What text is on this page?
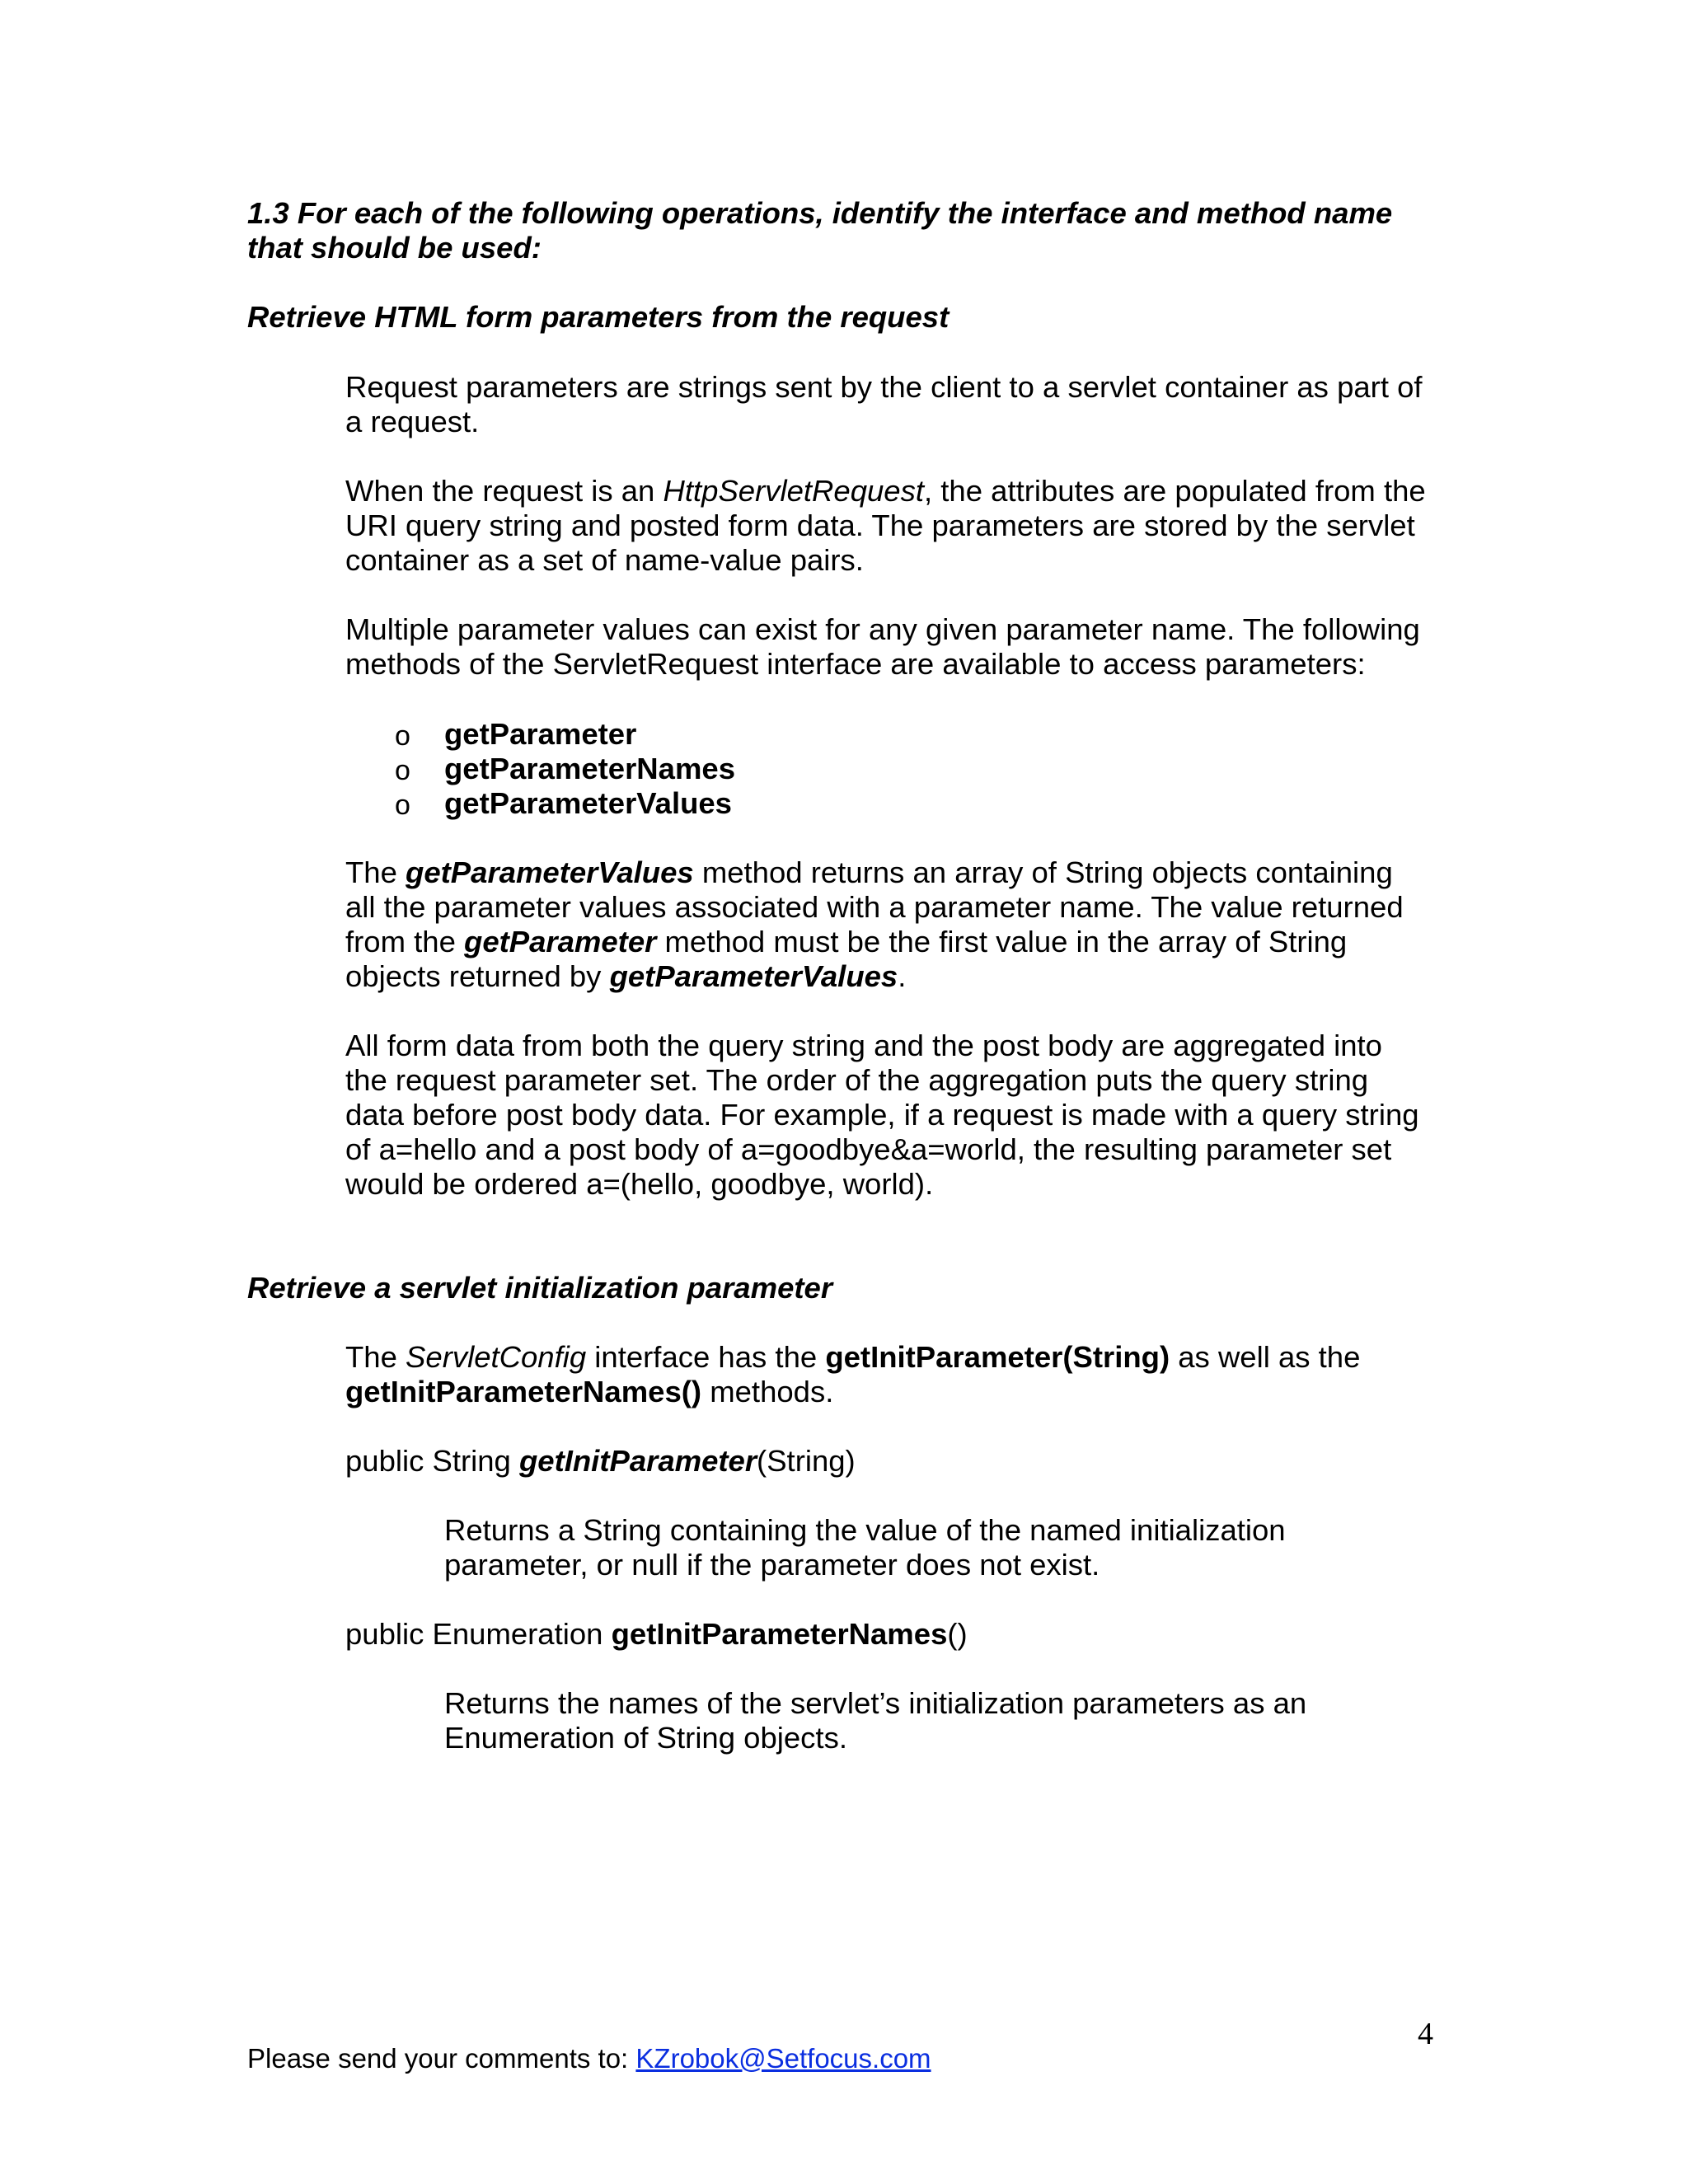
1.3 For each of the following operations, identify the interface and method name
that should be used:
Retrieve HTML form parameters from the request
Request parameters are strings sent by the client to a servlet container as part of
a request.
When the request is an HttpServletRequest, the attributes are populated from the
URI query string and posted form data. The parameters are stored by the servlet
container as a set of name-value pairs.
Multiple parameter values can exist for any given parameter name. The following
methods of the ServletRequest interface are available to access parameters:
o getParameter
o getParameterNames
o getParameterValues
The getParameterValues method returns an array of String objects containing
all the parameter values associated with a parameter name. The value returned
from the getParameter method must be the first value in the array of String
objects returned by getParameterValues.
All form data from both the query string and the post body are aggregated into
the request parameter set. The order of the aggregation puts the query string
data before post body data. For example, if a request is made with a query string
of a=hello and a post body of a=goodbye&a=world, the resulting parameter set
would be ordered a=(hello, goodbye, world).
Retrieve a servlet initialization parameter
The ServletConfig interface has the getInitParameter(String) as well as the
getInitParameterNames() methods.
public String getInitParameter(String)
Returns a String containing the value of the named initialization
parameter, or null if the parameter does not exist.
public Enumeration getInitParameterNames()
Returns the names of the servlet’s initialization parameters as an
Enumeration of String objects.
4
Please send your comments to: KZrobok@Setfocus.com
